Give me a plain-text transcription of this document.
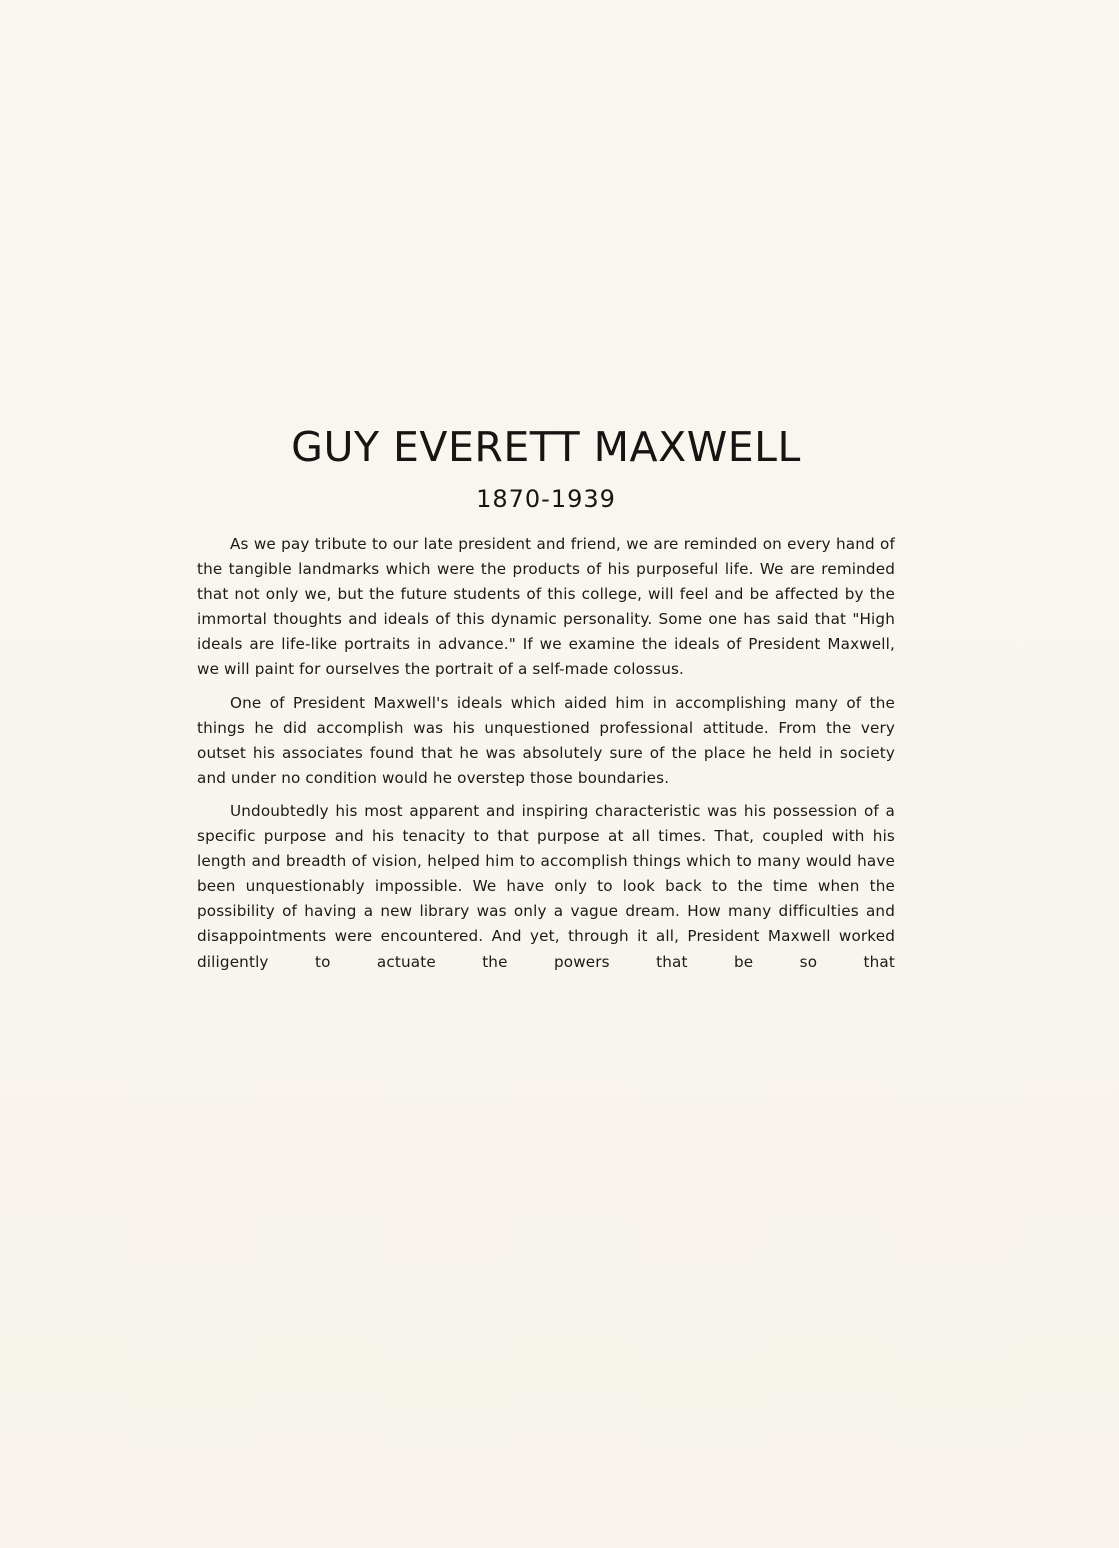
GUY EVERETT MAXWELL
1870-1939

As we pay tribute to our late president and friend, we are reminded on every hand of the tangible landmarks which were the products of his purposeful life. We are reminded that not only we, but the future students of this college, will feel and be affected by the immortal thoughts and ideals of this dynamic personality. Some one has said that "High ideals are life-like portraits in advance." If we examine the ideals of President Maxwell, we will paint for ourselves the portrait of a self-made colossus.

One of President Maxwell's ideals which aided him in accomplishing many of the things he did accomplish was his unquestioned professional attitude. From the very outset his associates found that he was absolutely sure of the place he held in society and under no condition would he overstep those boundaries.

Undoubtedly his most apparent and inspiring characteristic was his possession of a specific purpose and his tenacity to that purpose at all times. That, coupled with his length and breadth of vision, helped him to accomplish things which to many would have been unquestionably impossible. We have only to look back to the time when the possibility of having a new library was only a vague dream. How many difficulties and disappointments were encountered. And yet, through it all, President Maxwell worked diligently to actuate the powers that be so that
